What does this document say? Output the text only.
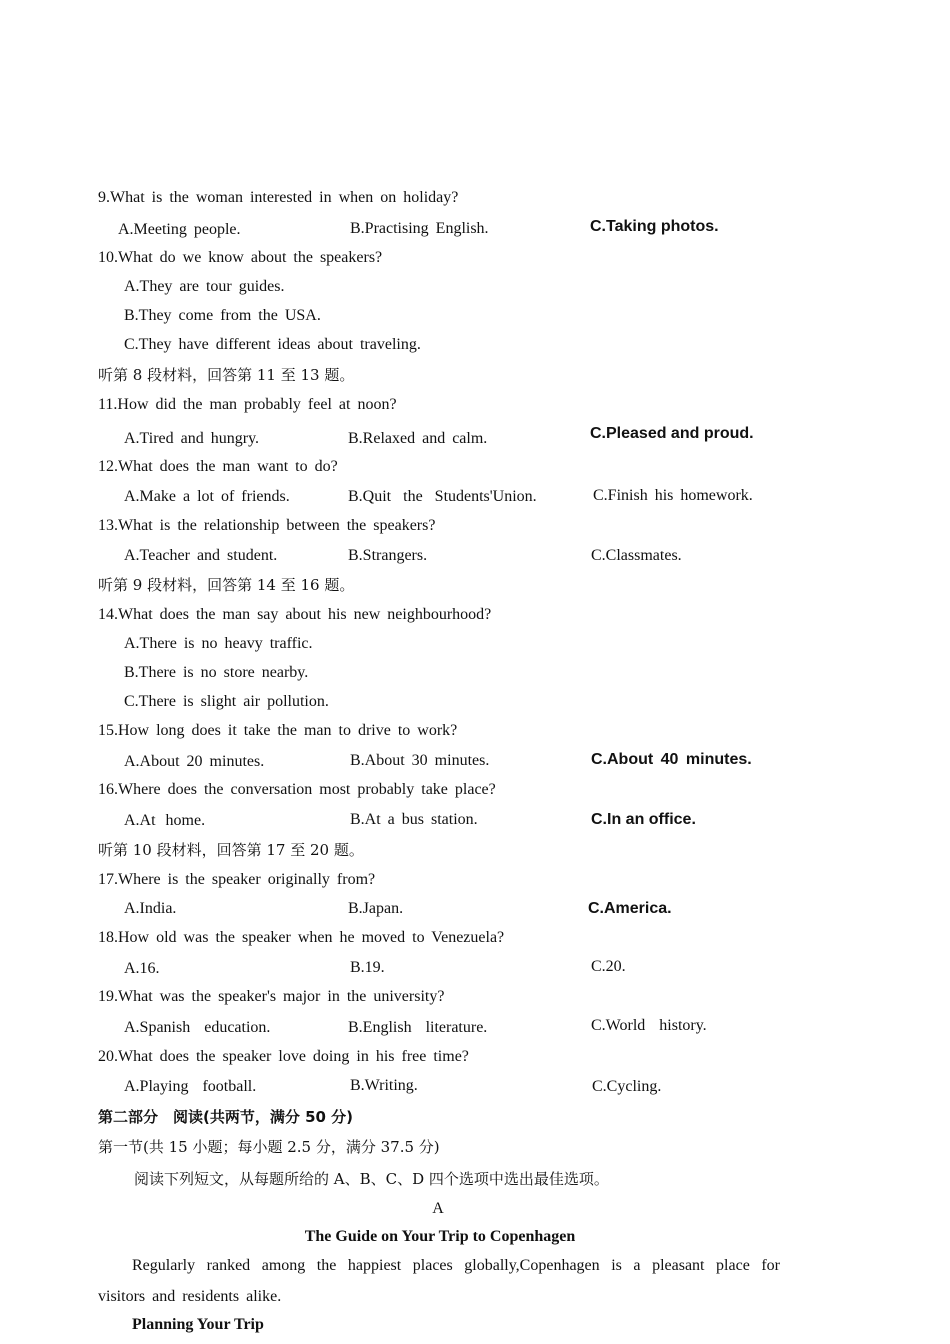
9.What is the woman interested in when on holiday?
A.Meeting people.	B.Practising English.	C.Taking photos.
10.What do we know about the speakers?
A.They are tour guides.
B.They come from the USA.
C.They have different ideas about traveling.
听第 8 段材料，回答第 11 至 13 题。
11.How did the man probably feel at noon?
A.Tired and hungry.	B.Relaxed and calm.	C.Pleased and proud.
12.What does the man want to do?
A.Make a lot of friends.	B.Quit the Students'Union.	C.Finish his homework.
13.What is the relationship between the speakers?
A.Teacher and student.	B.Strangers.	C.Classmates.
听第 9 段材料，回答第 14 至 16 题。
14.What does the man say about his new neighbourhood?
A.There is no heavy traffic.
B.There is no store nearby.
C.There is slight air pollution.
15.How long does it take the man to drive to work?
A.About 20 minutes.	B.About 30 minutes.	C.About 40 minutes.
16.Where does the conversation most probably take place?
A.At home.	B.At a bus station.	C.In an office.
听第 10 段材料，回答第 17 至 20 题。
17.Where is the speaker originally from?
A.India.	B.Japan.	C.America.
18.How old was the speaker when he moved to Venezuela?
A.16.	B.19.	C.20.
19.What was the speaker's major in the university?
A.Spanish education.	B.English literature.	C.World history.
20.What does the speaker love doing in his free time?
A.Playing football.	B.Writing.	C.Cycling.
第二部分　阅读(共两节，满分 50 分)
第一节(共 15 小题；每小题 2.5 分，满分 37.5 分)
阅读下列短文，从每题所给的 A、B、C、D 四个选项中选出最佳选项。
A
The Guide on Your Trip to Copenhagen
Regularly ranked among the happiest places globally,Copenhagen is a pleasant place for
visitors and residents alike.
Planning Your Trip
